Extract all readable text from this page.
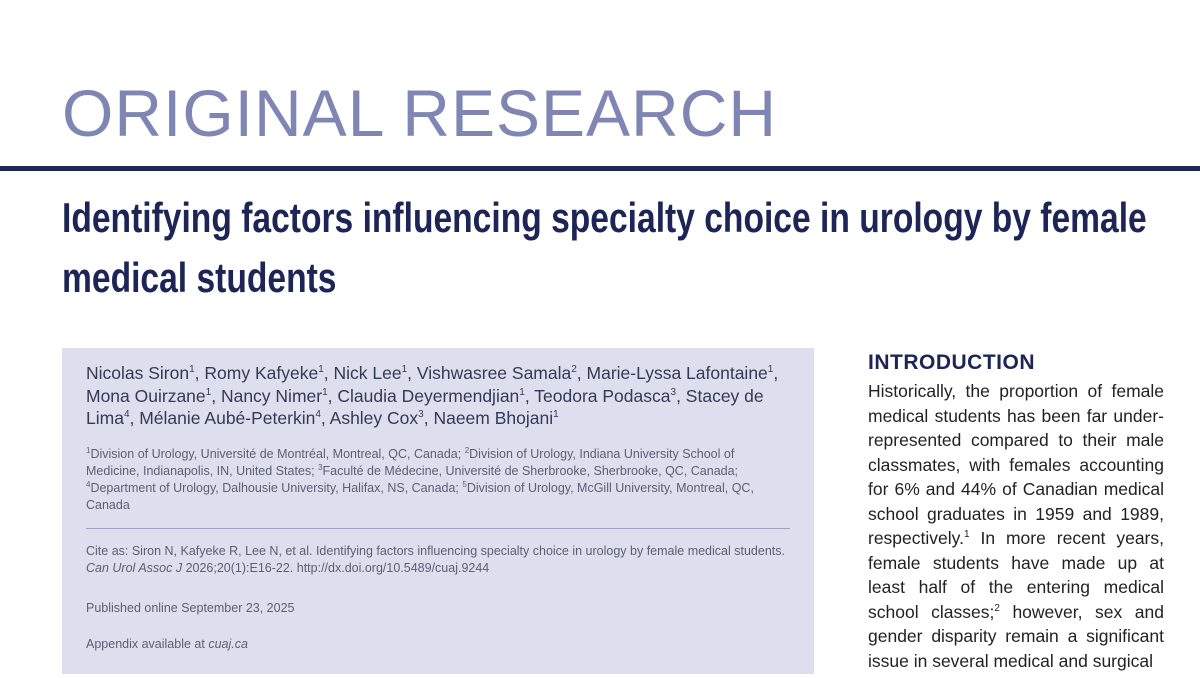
ORIGINAL RESEARCH
Identifying factors influencing specialty choice in urology by female medical students

Nicolas Siron$^1$, Romy Kafyeke$^1$, Nick Lee$^1$, Vishwasree Samala$^2$, Marie-Lyssa Lafontaine$^1$, Mona Ouirzane$^1$, Nancy Nimer$^1$, Claudia Deyermendjian$^1$, Teodora Podasca$^3$, Stacey de Lima$^4$, Mélanie Aubé-Peterkin$^4$, Ashley Cox$^3$, Naeem Bhojani$^1$

$^1$Division of Urology, Université de Montréal, Montreal, QC, Canada; $^2$Division of Urology, Indiana University School of Medicine, Indianapolis, IN, United States; $^3$Faculté de Médecine, Université de Sherbrooke, Sherbrooke, QC, Canada; $^4$Department of Urology, Dalhousie University, Halifax, NS, Canada; $^5$Division of Urology, McGill University, Montreal, QC, Canada

Cite as: Siron N, Kafyeke R, Lee N, et al. Identifying factors influencing specialty choice in urology by female medical students. Can Urol Assoc J 2026;20(1):E16-22. http://dx.doi.org/10.5489/cuaj.9244

Published online September 23, 2025

Appendix available at cuaj.ca

INTRODUCTION

Historically, the proportion of female medical students has been far under-represented compared to their male classmates, with females accounting for 6% and 44% of Canadian medical school graduates in 1959 and 1989, respectively.$^1$ In more recent years, female students have made up at least half of the entering medical school classes;$^2$ however, sex and gender disparity remain a significant issue in several medical and surgical
